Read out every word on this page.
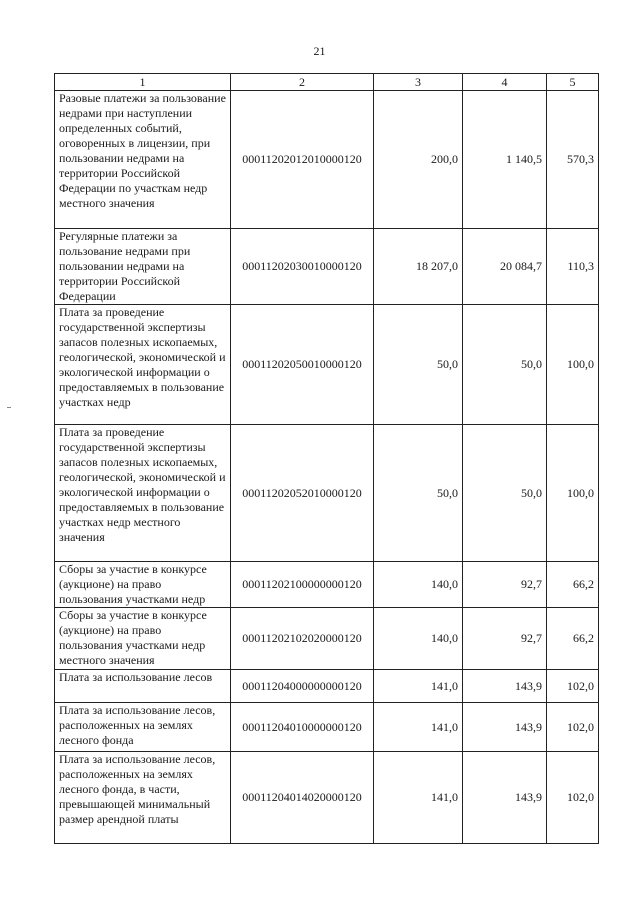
21
1	2	3	4	5
Разовые платежи за пользование недрами при наступлении определенных событий, оговоренных в лицензии, при пользовании недрами на территории Российской Федерации по участкам недр местного значения	00011202012010000120	200,0	1 140,5	570,3
Регулярные платежи за пользование недрами при пользовании недрами на территории Российской Федерации	00011202030010000120	18 207,0	20 084,7	110,3
Плата за проведение государственной экспертизы запасов полезных ископаемых, геологической, экономической и экологической информации о предоставляемых в пользование участках недр	00011202050010000120	50,0	50,0	100,0
Плата за проведение государственной экспертизы запасов полезных ископаемых, геологической, экономической и экологической информации о предоставляемых в пользование участках недр местного значения	00011202052010000120	50,0	50,0	100,0
Сборы за участие в конкурсе (аукционе) на право пользования участками недр	00011202100000000120	140,0	92,7	66,2
Сборы за участие в конкурсе (аукционе) на право пользования участками недр местного значения	00011202102020000120	140,0	92,7	66,2
Плата за использование лесов	00011204000000000120	141,0	143,9	102,0
Плата за использование лесов, расположенных на землях лесного фонда	00011204010000000120	141,0	143,9	102,0
Плата за использование лесов, расположенных на землях лесного фонда, в части, превышающей минимальный размер арендной платы	00011204014020000120	141,0	143,9	102,0
